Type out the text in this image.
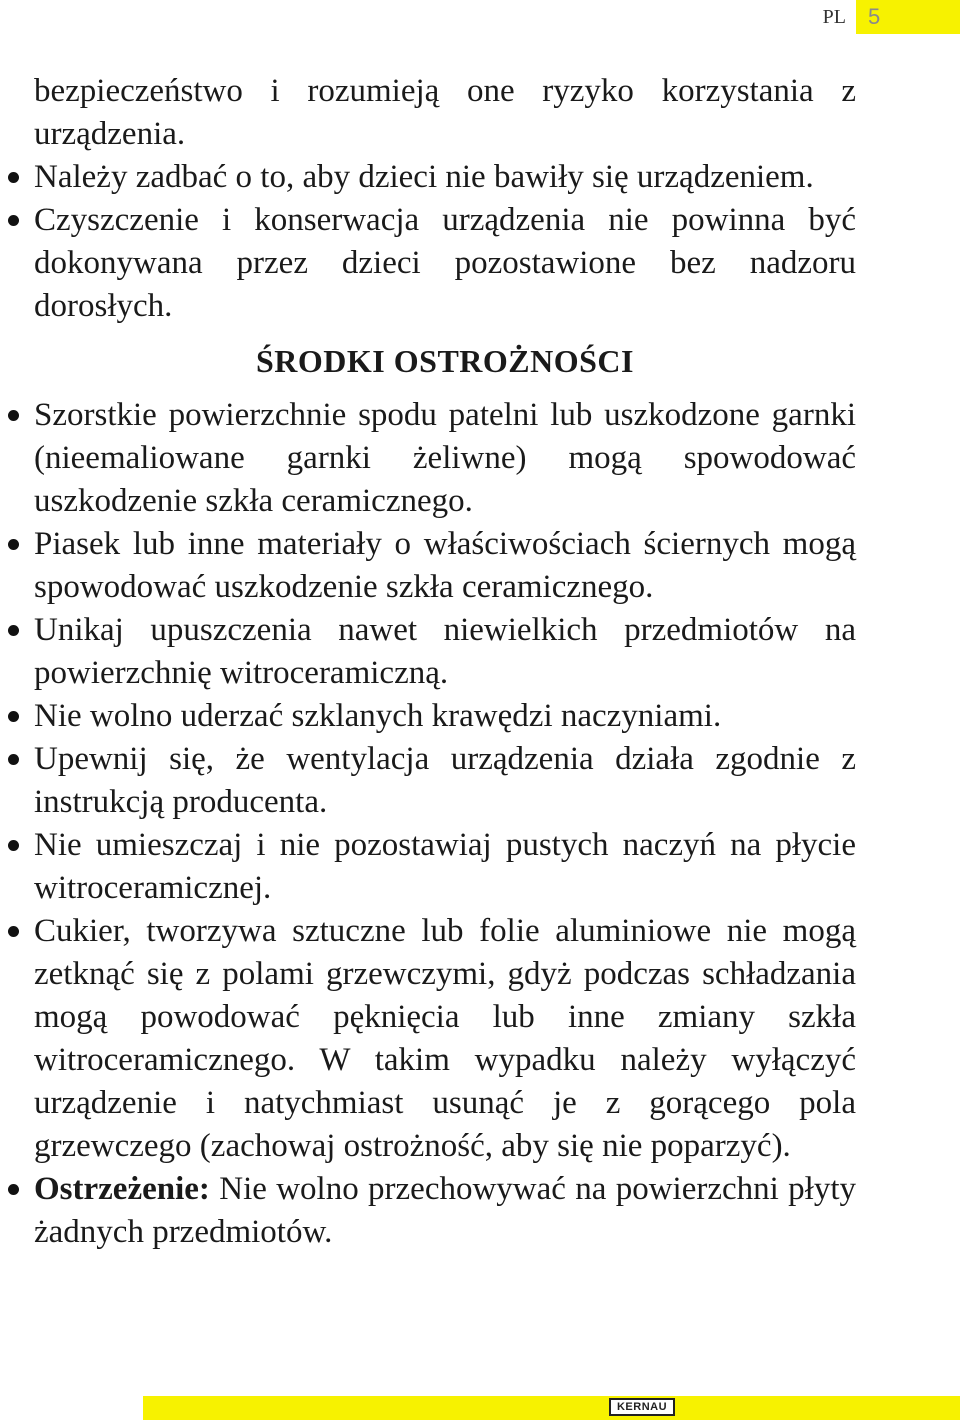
PL	5

bezpieczeństwo i rozumieją one ryzyko korzystania z urządzenia.

Należy zadbać o to, aby dzieci nie bawiły się urządzeniem.
Czyszczenie i konserwacja urządzenia nie powinna być dokonywana przez dzieci pozostawione bez nadzoru dorosłych.
ŚRODKI OSTROŻNOŚCI
Szorstkie powierzchnie spodu patelni lub uszkodzone garnki (nieemaliowane garnki żeliwne) mogą spowodować uszkodzenie szkła ceramicznego.
Piasek lub inne materiały o właściwościach ściernych mogą spowodować uszkodzenie szkła ceramicznego.
Unikaj upuszczenia nawet niewielkich przedmiotów na powierzchnię witroceramiczną.
Nie wolno uderzać szklanych krawędzi naczyniami.
Upewnij się, że wentylacja urządzenia działa zgodnie z instrukcją producenta.
Nie umieszczaj i nie pozostawiaj pustych naczyń na płycie witroceramicznej.
Cukier, tworzywa sztuczne lub folie aluminiowe nie mogą zetknąć się z polami grzewczymi, gdyż podczas schładzania mogą powodować pęknięcia lub inne zmiany szkła witroceramicznego. W takim wypadku należy wyłączyć urządzenie i natychmiast usunąć je z gorącego pola grzewczego (zachowaj ostrożność, aby się nie poparzyć).
Ostrzeżenie: Nie wolno przechowywać na powierzchni płyty żadnych przedmiotów.
KERNAU
